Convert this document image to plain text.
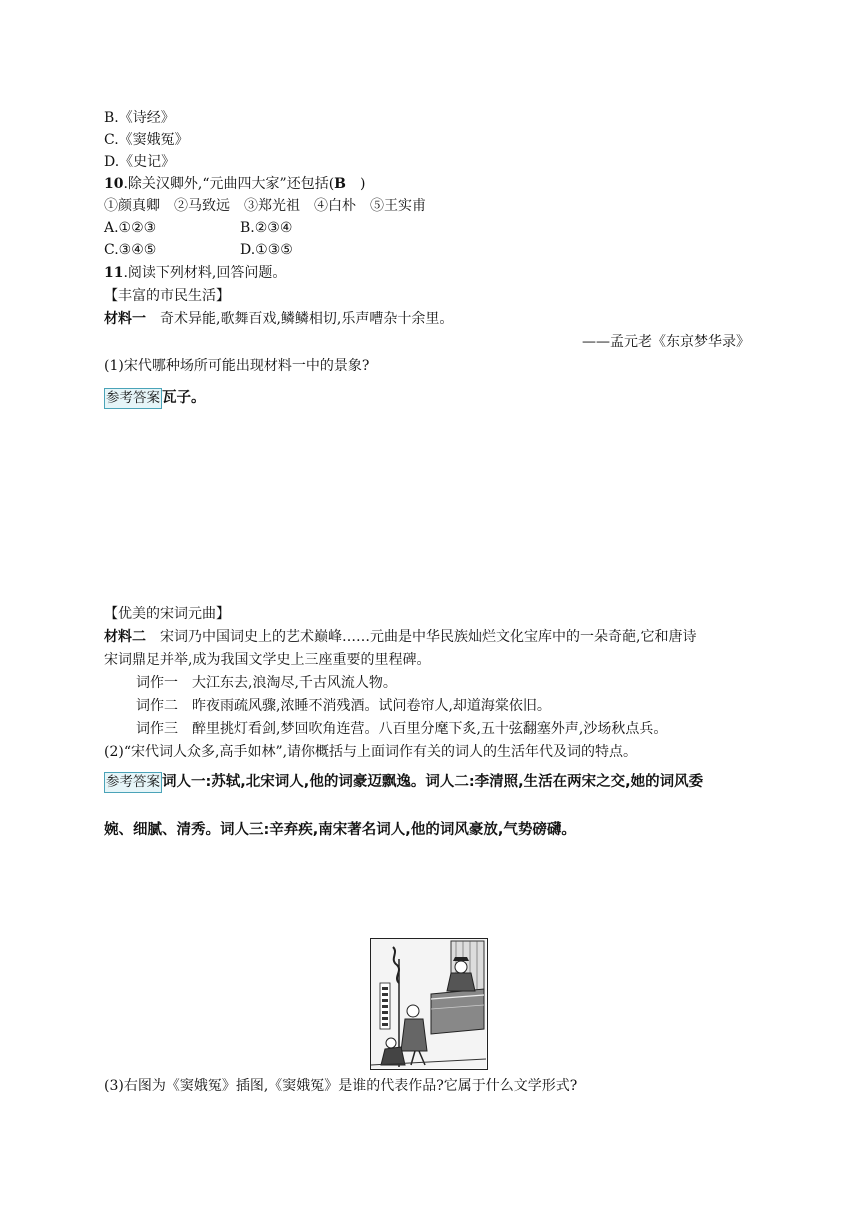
B.《诗经》
C.《窦娥冤》
D.《史记》
10.除关汉卿外,“元曲四大家”还包括(B　)
①颜真卿　②马致远　③郑光祖　④白朴　⑤王实甫
A.①②③	B.②③④
C.③④⑤	D.①③⑤
11.阅读下列材料,回答问题。
【丰富的市民生活】
材料一　奇术异能,歌舞百戏,鳞鳞相切,乐声嘈杂十余里。
——孟元老《东京梦华录》
(1)宋代哪种场所可能出现材料一中的景象?
参考答案 瓦子。
【优美的宋词元曲】
材料二　宋词乃中国词史上的艺术巅峰……元曲是中华民族灿烂文化宝库中的一朵奇葩,它和唐诗
宋词鼎足并举,成为我国文学史上三座重要的里程碑。
词作一　大江东去,浪淘尽,千古风流人物。
词作二　昨夜雨疏风骤,浓睡不消残酒。试问卷帘人,却道海棠依旧。
词作三　醉里挑灯看剑,梦回吹角连营。八百里分麾下炙,五十弦翻塞外声,沙场秋点兵。
(2)“宋代词人众多,高手如林”,请你概括与上面词作有关的词人的生活年代及词的特点。
参考答案 词人一:苏轼,北宋词人,他的词豪迈飘逸。词人二:李清照,生活在两宋之交,她的词风委
婉、细腻、清秀。词人三:辛弃疾,南宋著名词人,他的词风豪放,气势磅礴。
(3)右图为《窦娥冤》插图,《窦娥冤》是谁的代表作品?它属于什么文学形式?
